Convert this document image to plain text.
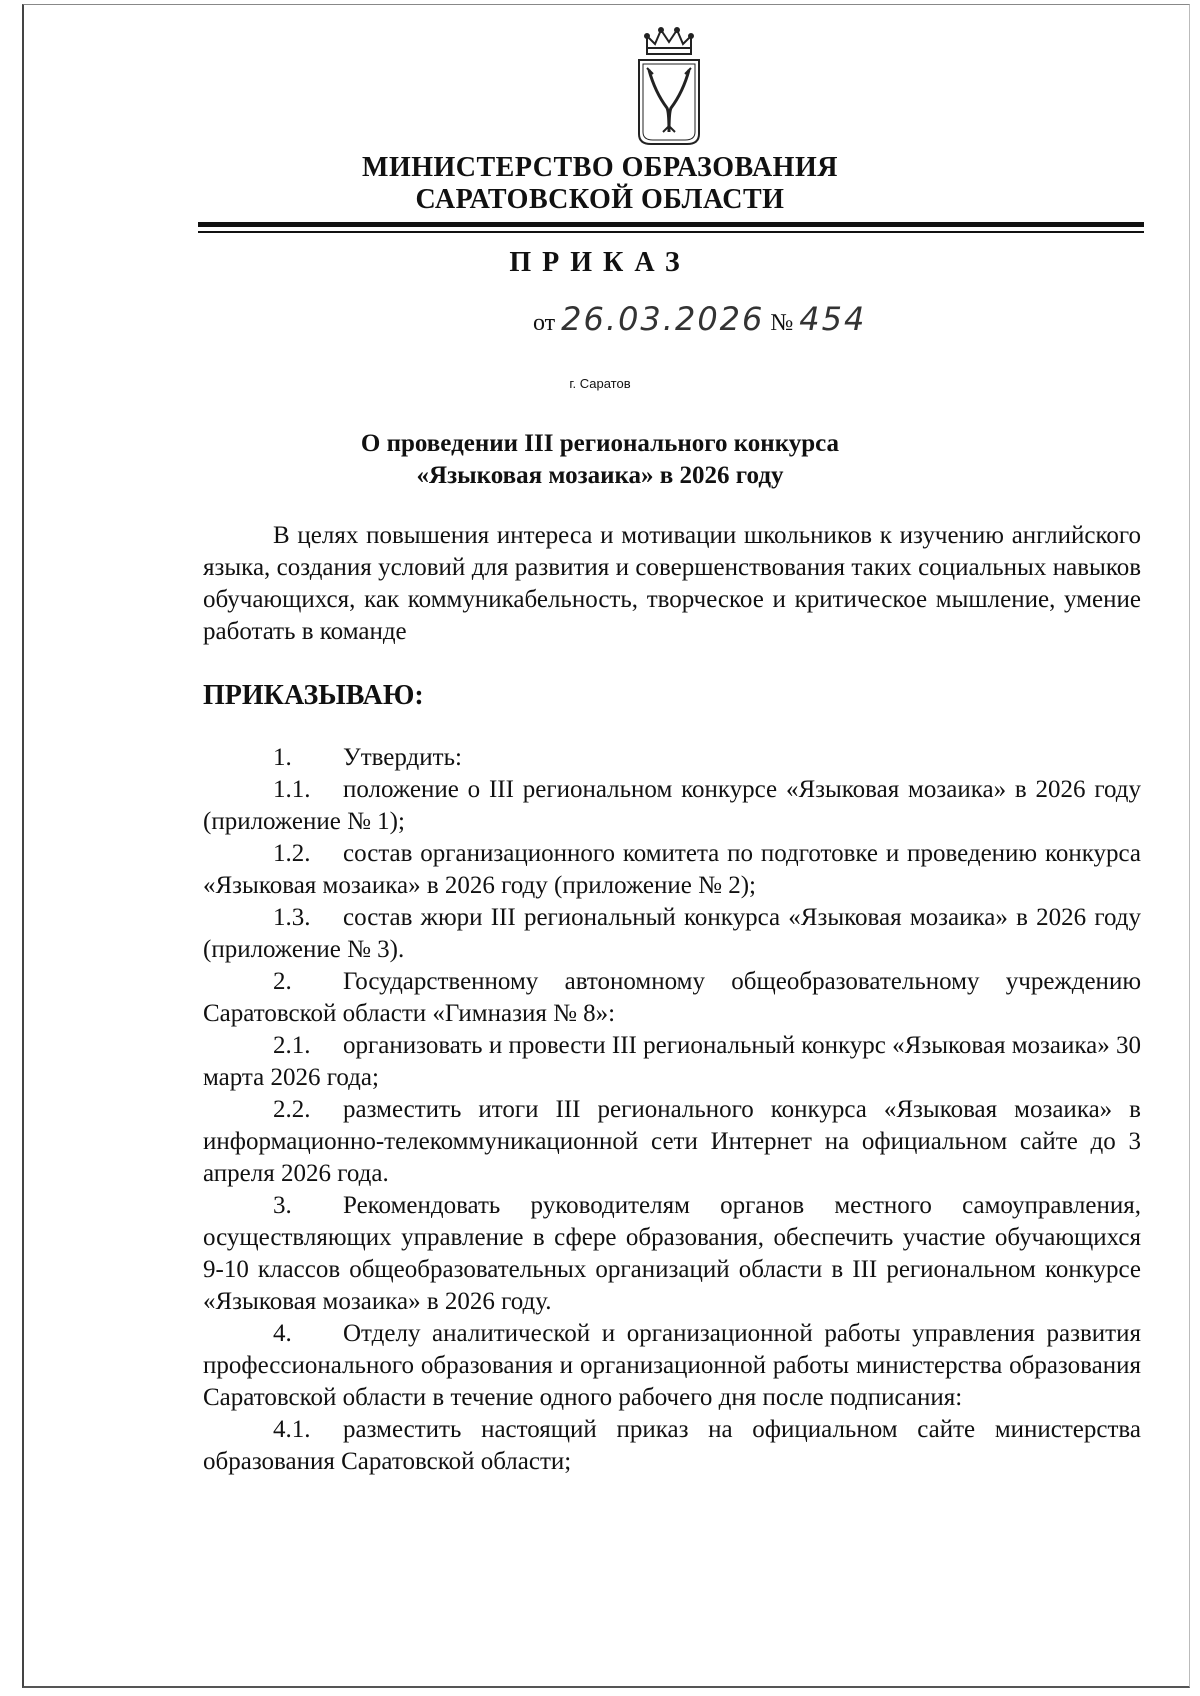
МИНИСТЕРСТВО ОБРАЗОВАНИЯ
САРАТОВСКОЙ ОБЛАСТИ
ПРИКАЗ
от 26.03.2026 № 454
г. Саратов
О проведении III регионального конкурса
«Языковая мозаика» в 2026 году

В целях повышения интереса и мотивации школьников к изучению английского языка, создания условий для развития и совершенствования таких социальных навыков обучающихся, как коммуникабельность, творческое и критическое мышление, умение работать в команде

ПРИКАЗЫВАЮ:

1. Утвердить:

1.1. положение о III региональном конкурсе «Языковая мозаика» в 2026 году (приложение № 1);

1.2. состав организационного комитета по подготовке и проведению конкурса «Языковая мозаика» в 2026 году (приложение № 2);

1.3. состав жюри III региональный конкурса «Языковая мозаика» в 2026 году (приложение № 3).

2. Государственному автономному общеобразовательному учреждению Саратовской области «Гимназия № 8»:

2.1. организовать и провести III региональный конкурс «Языковая мозаика» 30 марта 2026 года;

2.2. разместить итоги III регионального конкурса «Языковая мозаика» в информационно-телекоммуникационной сети Интернет на официальном сайте до 3 апреля 2026 года.

3. Рекомендовать руководителям органов местного самоуправления, осуществляющих управление в сфере образования, обеспечить участие обучающихся 9-10 классов общеобразовательных организаций области в III региональном конкурсе «Языковая мозаика» в 2026 году.

4. Отделу аналитической и организационной работы управления развития профессионального образования и организационной работы министерства образования Саратовской области в течение одного рабочего дня после подписания:

4.1. разместить настоящий приказ на официальном сайте министерства образования Саратовской области;
